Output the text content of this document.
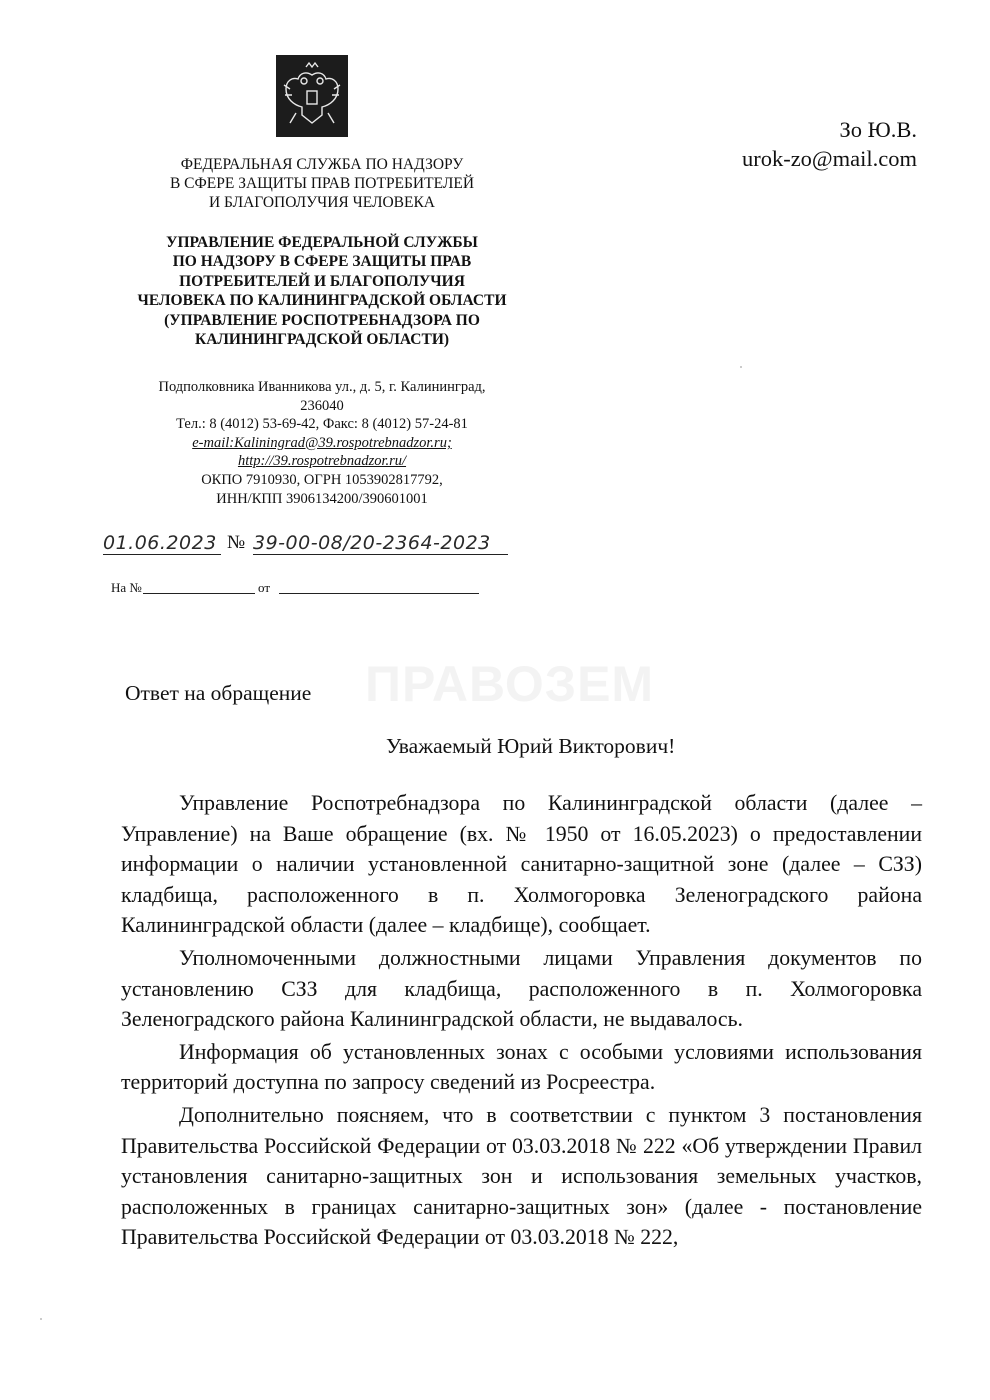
Зо Ю.В.
urok-zo@mail.com
ФЕДЕРАЛЬНАЯ СЛУЖБА ПО НАДЗОРУ
В СФЕРЕ ЗАЩИТЫ ПРАВ ПОТРЕБИТЕЛЕЙ
И БЛАГОПОЛУЧИЯ ЧЕЛОВЕКА
УПРАВЛЕНИЕ ФЕДЕРАЛЬНОЙ СЛУЖБЫ
ПО НАДЗОРУ В СФЕРЕ ЗАЩИТЫ ПРАВ
ПОТРЕБИТЕЛЕЙ И БЛАГОПОЛУЧИЯ
ЧЕЛОВЕКА ПО КАЛИНИНГРАДСКОЙ ОБЛАСТИ
(УПРАВЛЕНИЕ РОСПОТРЕБНАДЗОРА ПО
КАЛИНИНГРАДСКОЙ ОБЛАСТИ)
Подполковника Иванникова ул., д. 5, г. Калининград,
236040
Тел.: 8 (4012) 53-69-42, Факс: 8 (4012) 57-24-81
e-mail:Kaliningrad@39.rospotrebnadzor.ru;
http://39.rospotrebnadzor.ru/
ОКПО 7910930, ОГРН 1053902817792,
ИНН/КПП 3906134200/390601001
01.06.2023 № 39-00-08/20-2364-2023
На №	от
ПРАВОЗЕМ
Ответ на обращение
Уважаемый Юрий Викторович!

Управление Роспотребнадзора по Калининградской области (далее – Управление) на Ваше обращение (вх. № 1950 от 16.05.2023) о предоставлении информации о наличии установленной санитарно-защитной зоне (далее – СЗЗ) кладбища, расположенного в п. Холмогоровка Зеленоградского района Калининградской области (далее – кладбище), сообщает.

Уполномоченными должностными лицами Управления документов по установлению СЗЗ для кладбища, расположенного в п. Холмогоровка Зеленоградского района Калининградской области, не выдавалось.

Информация об установленных зонах с особыми условиями использования территорий доступна по запросу сведений из Росреестра.

Дополнительно поясняем, что в соответствии с пунктом 3 постановления Правительства Российской Федерации от 03.03.2018 № 222 «Об утверждении Правил установления санитарно-защитных зон и использования земельных участков, расположенных в границах санитарно-защитных зон» (далее - постановление Правительства Российской Федерации от 03.03.2018 № 222,
